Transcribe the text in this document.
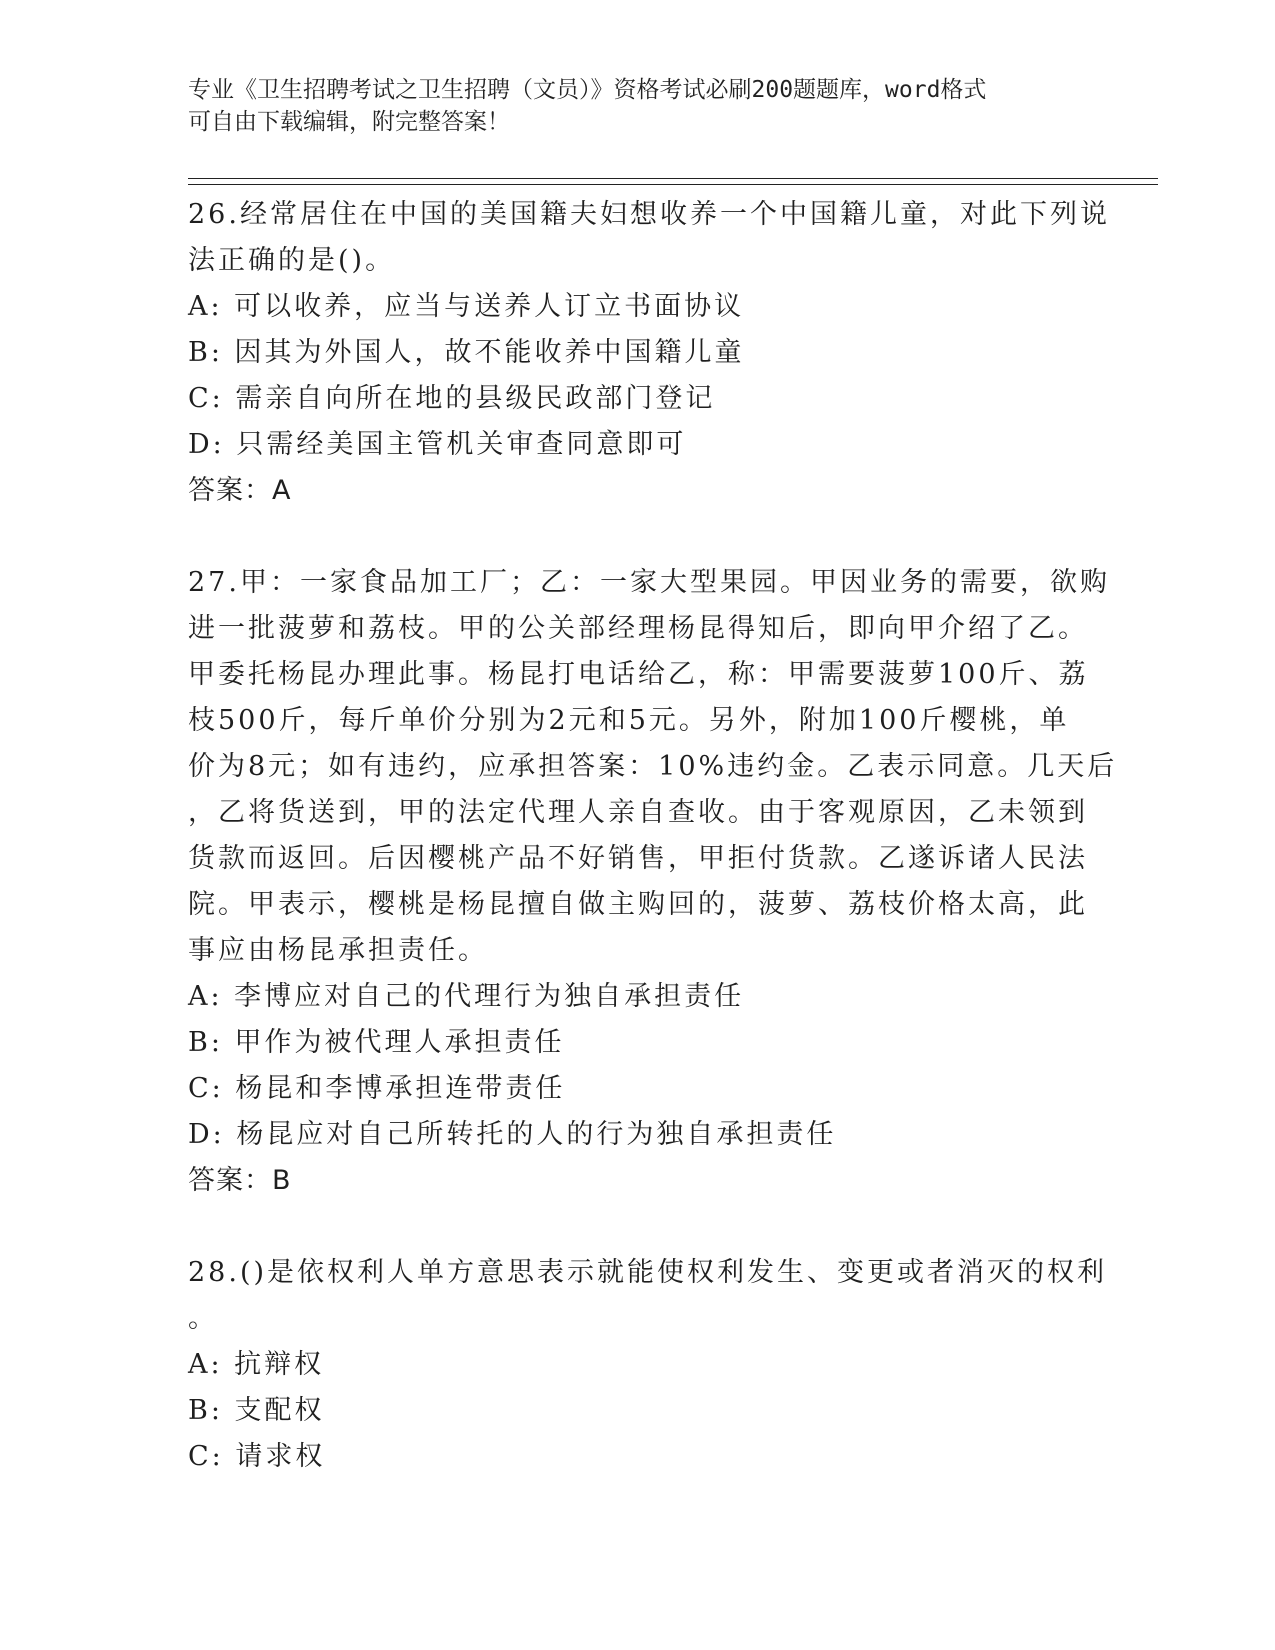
专业《卫生招聘考试之卫生招聘（文员）》资格考试必刷200题题库，word格式
可自由下载编辑，附完整答案！
26.经常居住在中国的美国籍夫妇想收养一个中国籍儿童，对此下列说
法正确的是()。
A: 可以收养，应当与送养人订立书面协议
B: 因其为外国人，故不能收养中国籍儿童
C: 需亲自向所在地的县级民政部门登记
D: 只需经美国主管机关审查同意即可
答案：A
27.甲：一家食品加工厂；乙：一家大型果园。甲因业务的需要，欲购
进一批菠萝和荔枝。甲的公关部经理杨昆得知后，即向甲介绍了乙。
甲委托杨昆办理此事。杨昆打电话给乙，称：甲需要菠萝100斤、荔
枝500斤，每斤单价分别为2元和5元。另外，附加100斤樱桃，单
价为8元；如有违约，应承担答案：10%违约金。乙表示同意。几天后
，乙将货送到，甲的法定代理人亲自查收。由于客观原因，乙未领到
货款而返回。后因樱桃产品不好销售，甲拒付货款。乙遂诉诸人民法
院。甲表示，樱桃是杨昆擅自做主购回的，菠萝、荔枝价格太高，此
事应由杨昆承担责任。
A: 李博应对自己的代理行为独自承担责任
B: 甲作为被代理人承担责任
C: 杨昆和李博承担连带责任
D: 杨昆应对自己所转托的人的行为独自承担责任
答案：B
28.()是依权利人单方意思表示就能使权利发生、变更或者消灭的权利
。
A: 抗辩权
B: 支配权
C: 请求权
